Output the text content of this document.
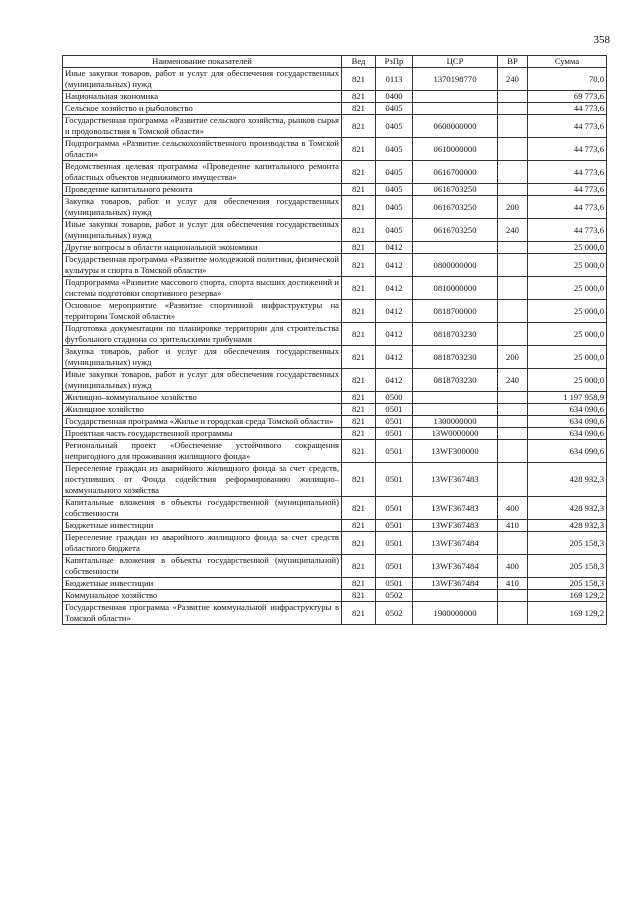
358
Наименование показателей	Вед	РзПр	ЦСР	ВР	Сумма
Иные закупки товаров, работ и услуг для обеспечения государственных (муниципальных) нужд	821	0113	1370198770	240	70,0
Национальная экономика	821	0400			69 773,6
Сельское хозяйство и рыболовство	821	0405			44 773,6
Государственная программа «Развитие сельского хозяйства, рынков сырья и продовольствия в Томской области»	821	0405	0600000000		44 773,6
Подпрограмма «Развитие сельскохозяйственного производства в Томской области»	821	0405	0610000000		44 773,6
Ведомственная целевая программа «Проведение капитального ремонта областных объектов недвижимого имущества»	821	0405	0616700000		44 773,6
Проведение капитального ремонта	821	0405	0616703250		44 773,6
Закупка товаров, работ и услуг для обеспечения государственных (муниципальных) нужд	821	0405	0616703250	200	44 773,6
Иные закупки товаров, работ и услуг для обеспечения государственных (муниципальных) нужд	821	0405	0616703250	240	44 773,6
Другие вопросы в области национальной экономики	821	0412			25 000,0
Государственная программа «Развитие молодежной политики, физической культуры и спорта в Томской области»	821	0412	0800000000		25 000,0
Подпрограмма «Развитие массового спорта, спорта высших достижений и системы подготовки спортивного резерва»	821	0412	0810000000		25 000,0
Основное мероприятие «Развитие спортивной инфраструктуры на территории Томской области»	821	0412	0818700000		25 000,0
Подготовка документации по планировке территории для строительства футбольного стадиона со зрительскими трибунами	821	0412	0818703230		25 000,0
Закупка товаров, работ и услуг для обеспечения государственных (муниципальных) нужд	821	0412	0818703230	200	25 000,0
Иные закупки товаров, работ и услуг для обеспечения государственных (муниципальных) нужд	821	0412	0818703230	240	25 000,0
Жилищно–коммунальное хозяйство	821	0500			1 197 958,9
Жилищное хозяйство	821	0501			634 090,6
Государственная программа «Жилье и городская среда Томской области»	821	0501	1300000000		634 090,6
Проектная часть государственной программы	821	0501	13W0000000		634 090,6
Региональный проект «Обеспечение устойчивого сокращения непригодного для проживания жилищного фонда»	821	0501	13WF300000		634 090,6
Переселение граждан из аварийного жилищного фонда за счет средств, поступивших от Фонда содействия реформированию жилищно–коммунального хозяйства	821	0501	13WF367483		428 932,3
Капитальные вложения в объекты государственной (муниципальной) собственности	821	0501	13WF367483	400	428 932,3
Бюджетные инвестиции	821	0501	13WF367483	410	428 932,3
Переселение граждан из аварийного жилищного фонда за счет средств областного бюджета	821	0501	13WF367484		205 158,3
Капитальные вложения в объекты государственной (муниципальной) собственности	821	0501	13WF367484	400	205 158,3
Бюджетные инвестиции	821	0501	13WF367484	410	205 158,3
Коммунальное хозяйство	821	0502			169 129,2
Государственная программа «Развитие коммунальной инфраструктуры в Томской области»	821	0502	1900000000		169 129,2
